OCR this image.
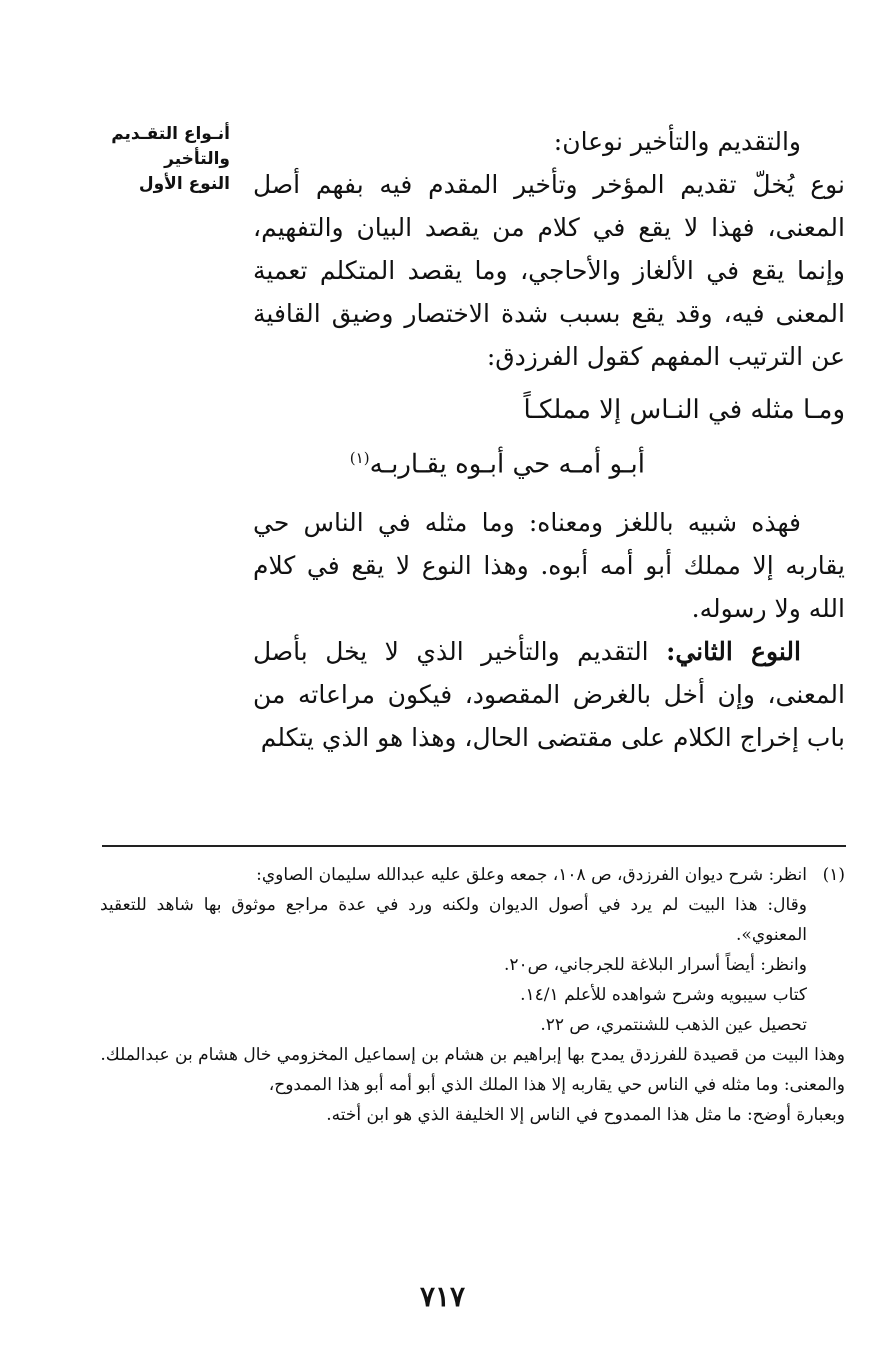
أنـواع التقـديم
والتأخير
النوع الأول

والتقديم والتأخير نوعان:

نوع يُخلّ تقديم المؤخر وتأخير المقدم فيه بفهم أصل المعنى، فهذا لا يقع في كلام من يقصد البيان والتفهيم، وإنما يقع في الألغاز والأحاجي، وما يقصد المتكلم تعمية المعنى فيه، وقد يقع بسبب شدة الاختصار وضيق القافية عن الترتيب المفهم كقول الفرزدق:

ومـا مثله في النـاس إلا مملكـاً
أبـو أمـه حي أبـوه يقـاربـه$^{(١)}$

فهذه شبيه باللغز ومعناه: وما مثله في الناس حي يقاربه إلا مملك أبو أمه أبوه. وهذا النوع لا يقع في كلام الله ولا رسوله.

النوع الثاني: التقديم والتأخير الذي لا يخل بأصل المعنى، وإن أخل بالغرض المقصود، فيكون مراعاته من باب إخراج الكلام على مقتضى الحال، وهذا هو الذي يتكلم

(١)انظر: شرح ديوان الفرزدق، ص ١٠٨، جمعه وعلق عليه عبدالله سليمان الصاوي:
وقال: هذا البيت لم يرد في أصول الديوان ولكنه ورد في عدة مراجع موثوق بها شاهد للتعقيد المعنوي».
وانظر: أيضاً أسرار البلاغة للجرجاني، ص٢٠.
كتاب سيبويه وشرح شواهده للأعلم ١٤/١.
تحصيل عين الذهب للشنتمري، ص ٢٢.
وهذا البيت من قصيدة للفرزدق يمدح بها إبراهيم بن هشام بن إسماعيل المخزومي خال هشام بن عبدالملك.
والمعنى: وما مثله في الناس حي يقاربه إلا هذا الملك الذي أبو أمه أبو هذا الممدوح،
وبعبارة أوضح: ما مثل هذا الممدوح في الناس إلا الخليفة الذي هو ابن أخته.
٧١٧
